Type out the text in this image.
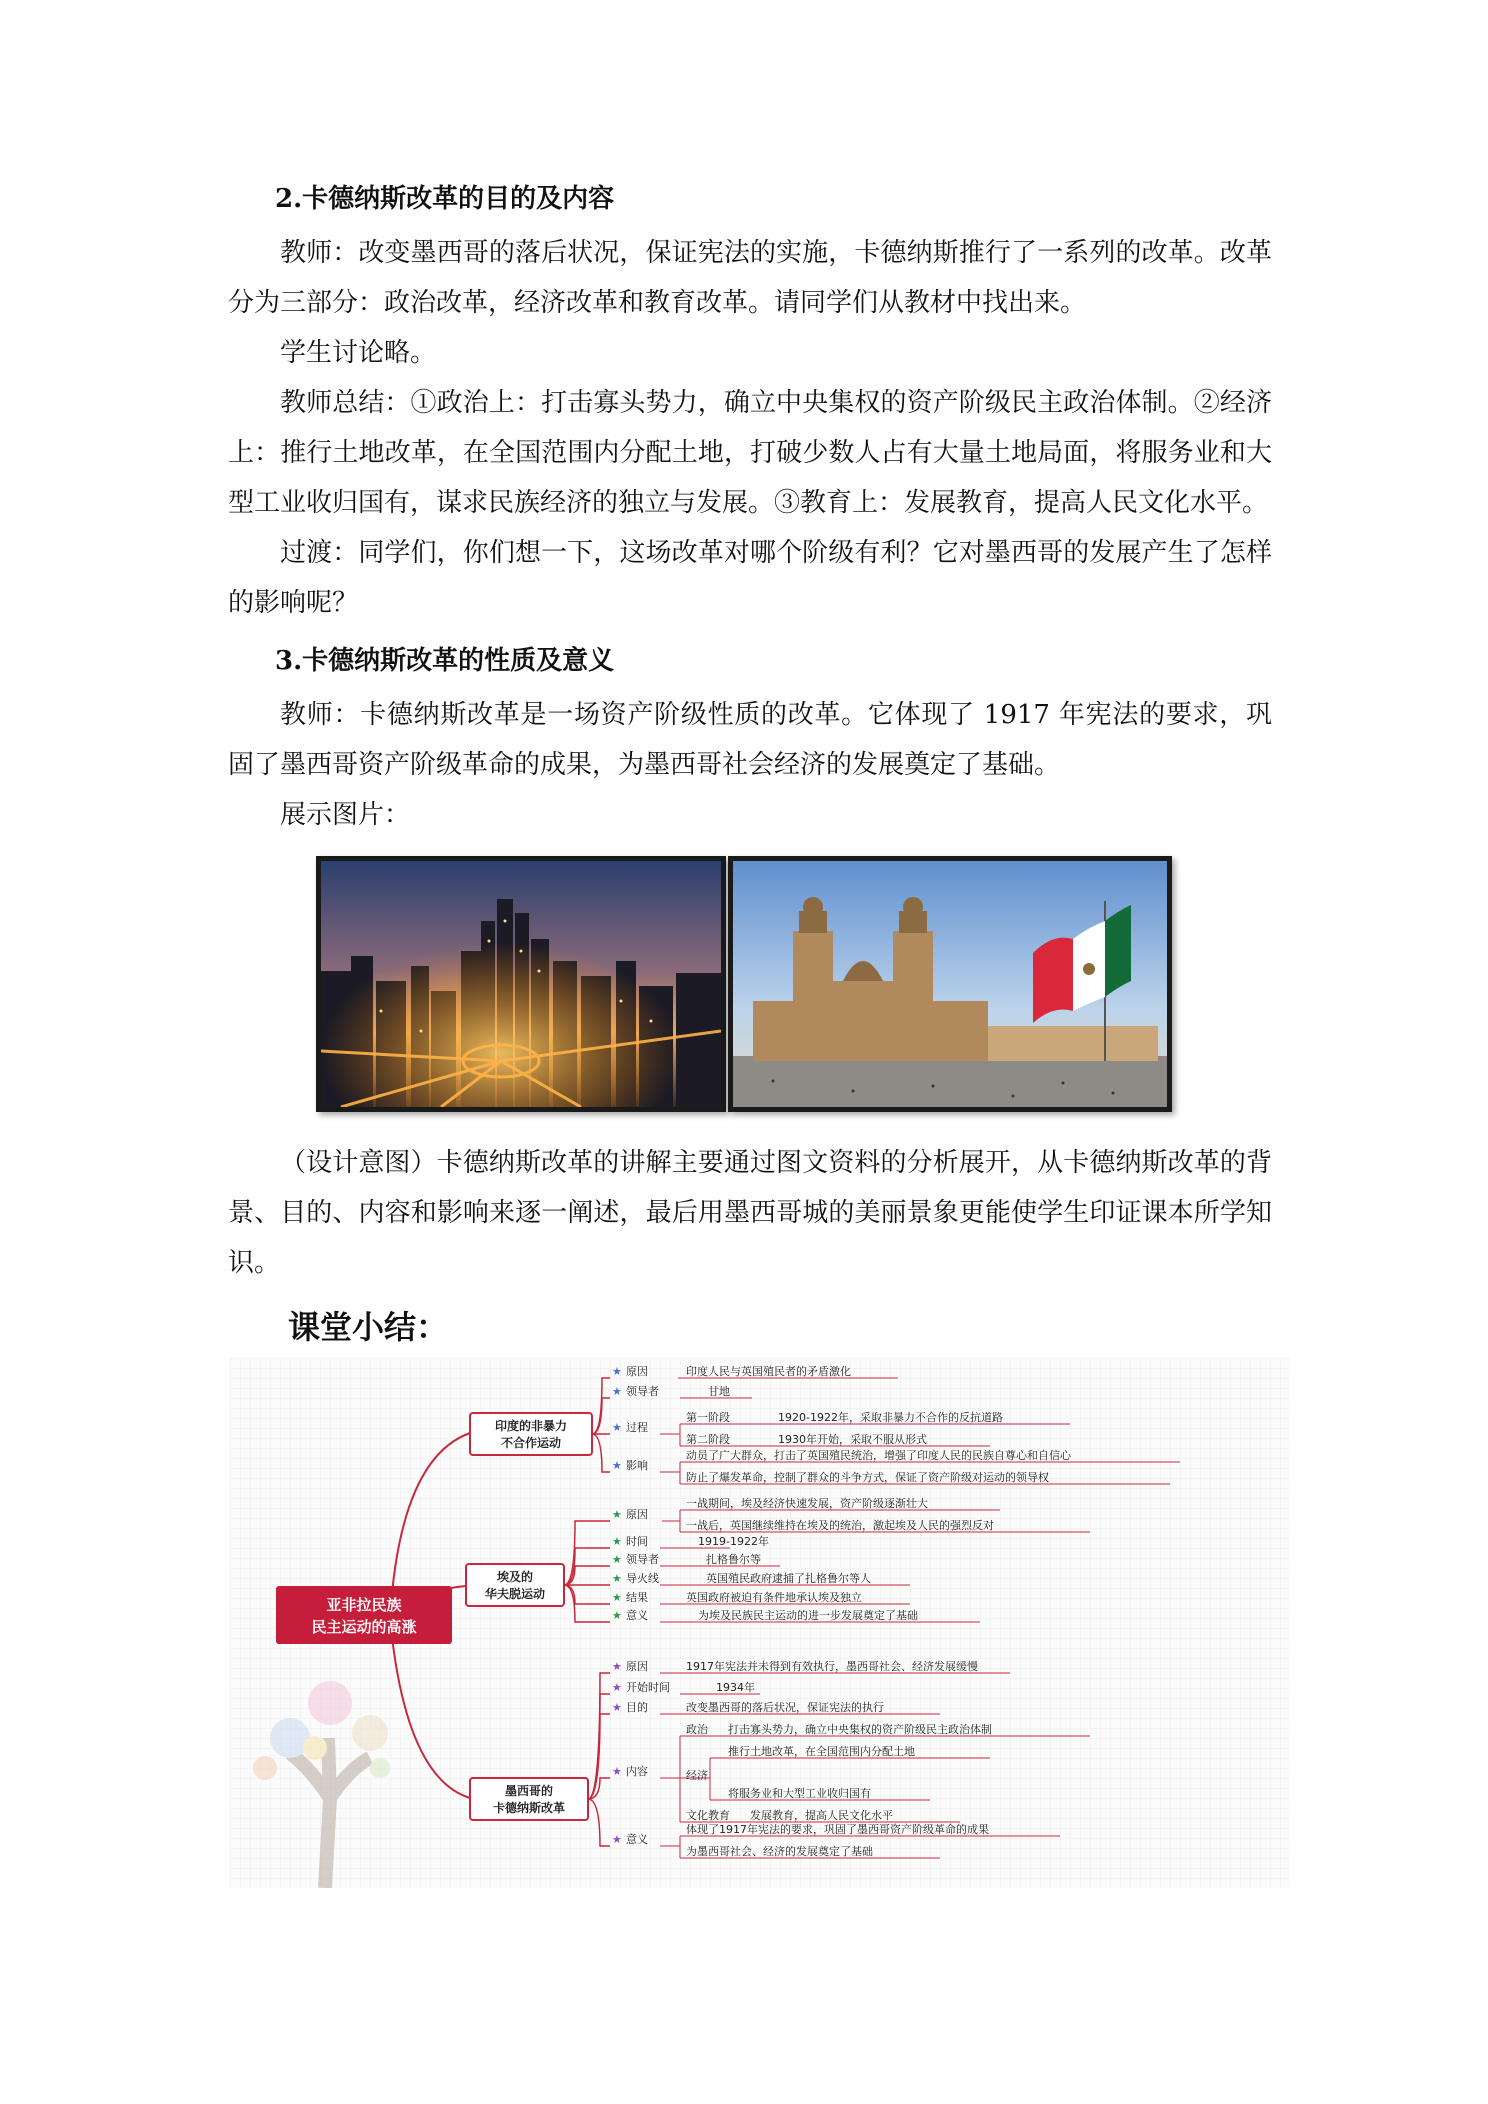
2.卡德纳斯改革的目的及内容

教师：改变墨西哥的落后状况，保证宪法的实施，卡德纳斯推行了一系列的改革。改革分为三部分：政治改革，经济改革和教育改革。请同学们从教材中找出来。

学生讨论略。

教师总结：①政治上：打击寡头势力，确立中央集权的资产阶级民主政治体制。②经济上：推行土地改革，在全国范围内分配土地，打破少数人占有大量土地局面，将服务业和大型工业收归国有，谋求民族经济的独立与发展。③教育上：发展教育，提高人民文化水平。

过渡：同学们，你们想一下，这场改革对哪个阶级有利？它对墨西哥的发展产生了怎样的影响呢？

3.卡德纳斯改革的性质及意义

教师：卡德纳斯改革是一场资产阶级性质的改革。它体现了 1917 年宪法的要求，巩固了墨西哥资产阶级革命的成果，为墨西哥社会经济的发展奠定了基础。

展示图片：

（设计意图）卡德纳斯改革的讲解主要通过图文资料的分析展开，从卡德纳斯改革的背景、目的、内容和影响来逐一阐述，最后用墨西哥城的美丽景象更能使学生印证课本所学知识。

课堂小结：
亚非拉民族
民主运动的高涨
印度的非暴力
不合作运动
埃及的
华夫脱运动
墨西哥的
卡德纳斯改革
★ 原因	印度人民与英国殖民者的矛盾激化
★ 领导者	甘地
★ 过程
第一阶段	1920-1922年，采取非暴力不合作的反抗道路
第二阶段	1930年开始，采取不服从形式
★ 影响
动员了广大群众，打击了英国殖民统治，增强了印度人民的民族自尊心和自信心
防止了爆发革命，控制了群众的斗争方式，保证了资产阶级对运动的领导权
★ 原因
一战期间，埃及经济快速发展，资产阶级逐渐壮大
一战后，英国继续维持在埃及的统治，激起埃及人民的强烈反对
★ 时间	1919-1922年
★ 领导者	扎格鲁尔等
★ 导火线	英国殖民政府逮捕了扎格鲁尔等人
★ 结果	英国政府被迫有条件地承认埃及独立
★ 意义	为埃及民族民主运动的进一步发展奠定了基础
★ 原因	1917年宪法并未得到有效执行，墨西哥社会、经济发展缓慢
★ 开始时间	1934年
★ 目的	改变墨西哥的落后状况，保证宪法的执行
★ 内容
政治 打击寡头势力，确立中央集权的资产阶级民主政治体制
经济
推行土地改革，在全国范围内分配土地
将服务业和大型工业收归国有
文化教育 发展教育，提高人民文化水平
★ 意义
体现了1917年宪法的要求，巩固了墨西哥资产阶级革命的成果
为墨西哥社会、经济的发展奠定了基础
